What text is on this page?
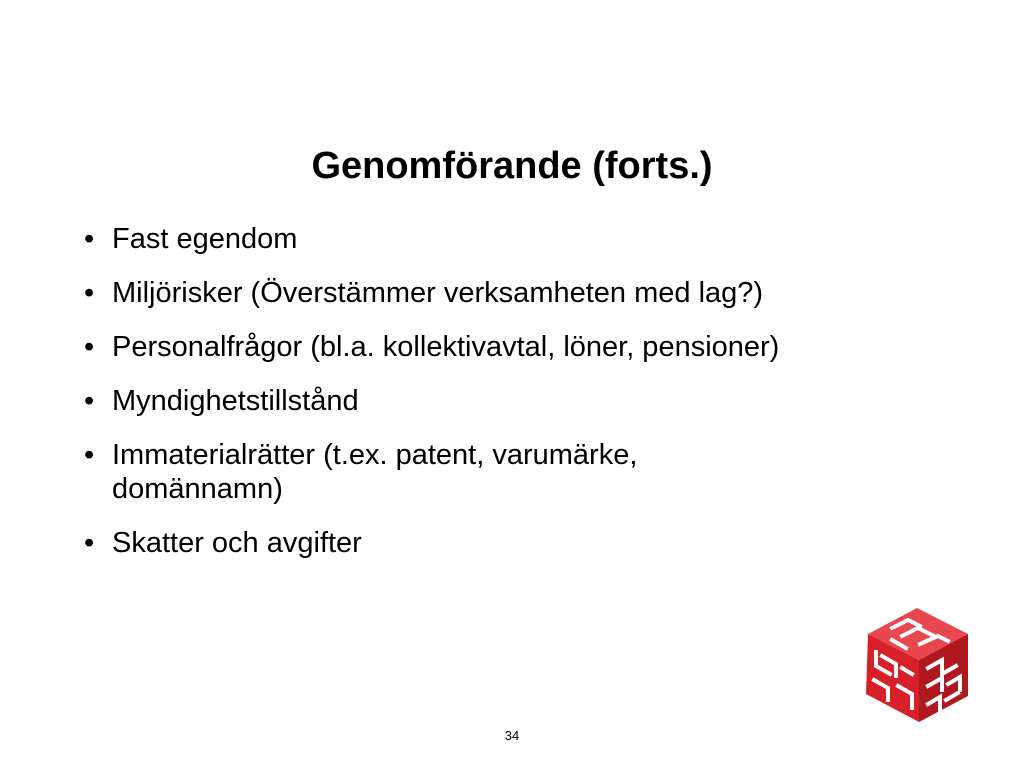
Genomförande (forts.)
• Fast egendom
• Miljörisker (Överstämmer verksamheten med lag?)
• Personalfrågor (bl.a. kollektivavtal, löner, pensioner)
• Myndighetstillstånd
• Immaterialrätter (t.ex. patent, varumärke, domännamn)
• Skatter och avgifter
34
